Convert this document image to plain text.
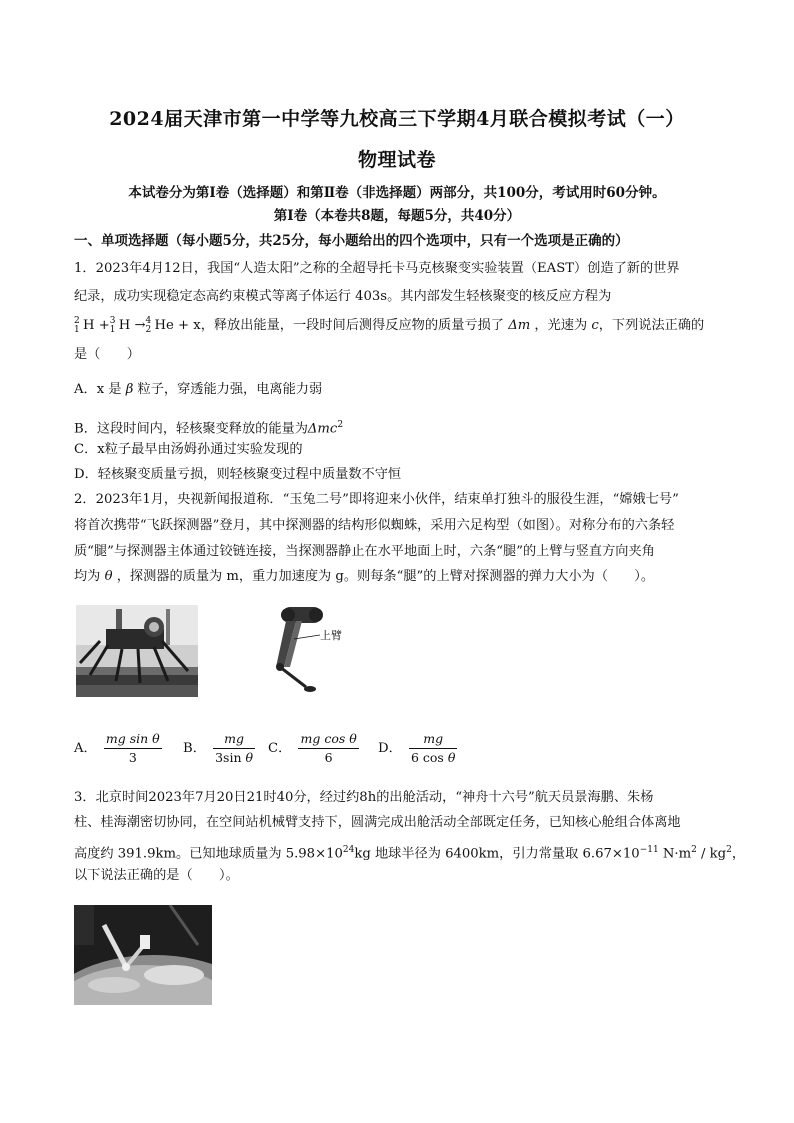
2024届天津市第一中学等九校高三下学期4月联合模拟考试（一）
物理试卷
本试卷分为第Ⅰ卷（选择题）和第Ⅱ卷（非选择题）两部分，共100分，考试用时60分钟。
第Ⅰ卷（本卷共8题，每题5分，共40分）
一、单项选择题（每小题5分，共25分，每小题给出的四个选项中，只有一个选项是正确的）
1．2023年4月12日，我国“人造太阳”之称的全超导托卡马克核聚变实验装置（EAST）创造了新的世界
纪录，成功实现稳定态高约束模式等离子体运行 403s。其内部发生轻核聚变的核反应方程为
2
1 H + 3
1 H → 4
2 He + x，释放出能量，一段时间后测得反应物的质量亏损了 Δm ，光速为 c，下列说法正确的
是（　　）
A．x 是 β 粒子，穿透能力强，电离能力弱
B．这段时间内，轻核聚变释放的能量为Δmc$^2$
C．x粒子最早由汤姆孙通过实验发现的
D．轻核聚变质量亏损，则轻核聚变过程中质量数不守恒
2．2023年1月，央视新闻报道称．“玉兔二号”即将迎来小伙伴，结束单打独斗的服役生涯，“嫦娥七号”
将首次携带“飞跃探测器”登月，其中探测器的结构形似蜘蛛，采用六足构型（如图）。对称分布的六条轻
质“腿”与探测器主体通过铰链连接，当探测器静止在水平地面上时，六条“腿”的上臂与竖直方向夹角
均为 θ ，探测器的质量为 m，重力加速度为 g。则每条“腿”的上臂对探测器的弹力大小为（　　）。
上臂
A． $\frac{\text{mg sin θ}}{3}$ B． $\frac{mg}{\text{3sin θ}}$ C． $\frac{\text{mg cos θ}}{6}$ D． $\frac{mg}{\text{6 cos θ}}$
3．北京时间2023年7月20日21时40分，经过约8h的出舱活动，“神舟十六号”航天员景海鹏、朱杨
柱、桂海潮密切协同，在空间站机械臂支持下，圆满完成出舱活动全部既定任务，已知核心舱组合体离地
高度约 391.9km。已知地球质量为 $5.98\times 10^{24}kg$ 地球半径为 6400km，引力常量取 $6.67\times 10^{-11}$ $N\cdot m^2 / kg^2$，
以下说法正确的是（　　）。
